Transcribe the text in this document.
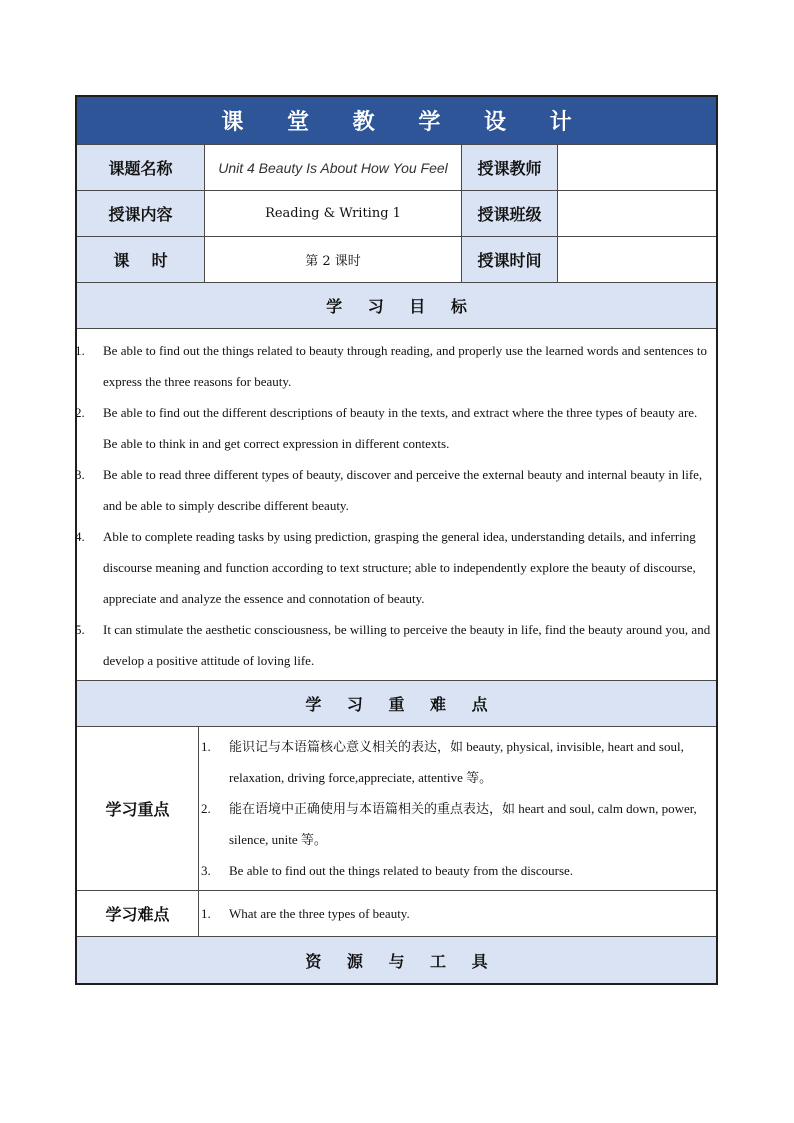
课 堂 教 学 设 计
课题名称	Unit 4 Beauty Is About How You Feel	授课教师
授课内容	Reading & Writing 1	授课班级
课    时	第 2 课时	授课时间
学 习 目 标
1.	Be able to find out the things related to beauty through reading, and properly use the learned words and sentences to express the three reasons for beauty.
2.	Be able to find out the different descriptions of beauty in the texts, and extract where the three types of beauty are. Be able to think in and get correct expression in different contexts.
3.	Be able to read three different types of beauty, discover and perceive the external beauty and internal beauty in life, and be able to simply describe different beauty.
4.	Able to complete reading tasks by using prediction, grasping the general idea, understanding details, and inferring discourse meaning and function according to text structure; able to independently explore the beauty of discourse, appreciate and analyze the essence and connotation of beauty.
5.	It can stimulate the aesthetic consciousness, be willing to perceive the beauty in life, find the beauty around you, and develop a positive attitude of loving life.
学 习 重 难 点
学习重点
1.	能识记与本语篇核心意义相关的表达，如 beauty, physical, invisible, heart and soul, relaxation, driving force,appreciate, attentive 等。
2.	能在语境中正确使用与本语篇相关的重点表达，如 heart and soul, calm down, power, silence, unite 等。
3.	Be able to find out the things related to beauty from the discourse.
学习难点	1.	What are the three types of beauty.
资 源 与 工 具
